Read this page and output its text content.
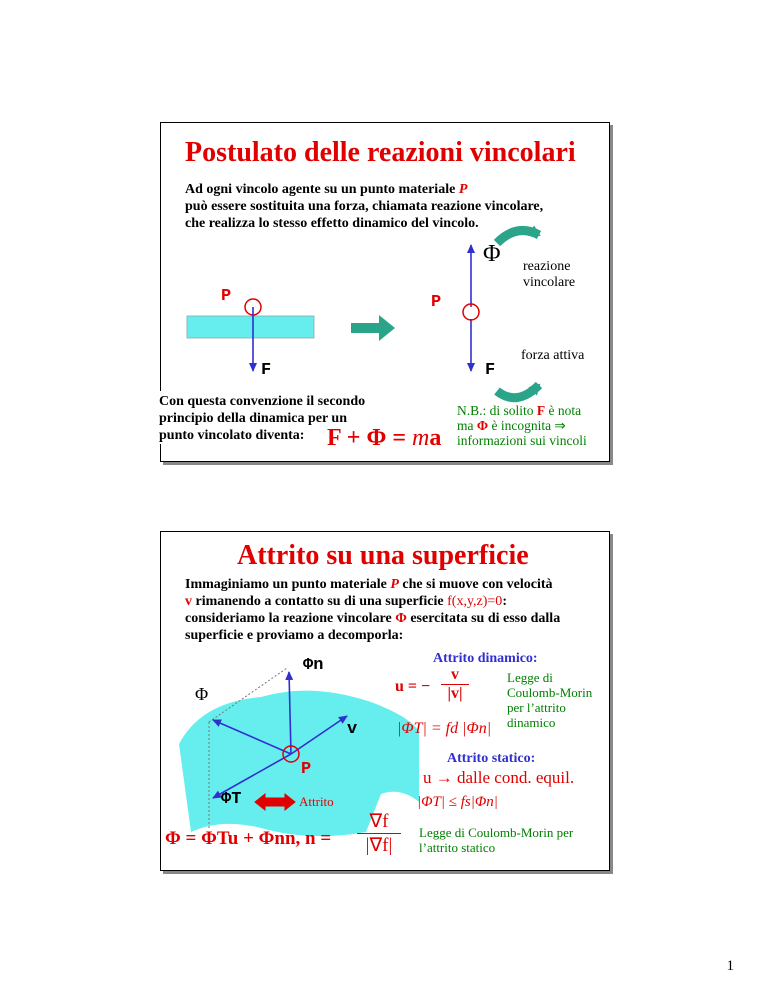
Postulato delle reazioni vincolari
Ad ogni vincolo agente su un punto materiale P
può essere sostituita una forza, chiamata reazione vincolare,
che realizza lo stesso effetto dinamico del vincolo.
P
F
P
F
Φ reazione
vincolare
forza attiva
Con questa convenzione il secondo
principio della dinamica per un
punto vincolato diventa: F + Φ = ma
N.B.: di solito F è nota
ma Φ è incognita ⇒
informazioni sui vincoli
Attrito su una superficie
Immaginiamo un punto materiale P che si muove con velocità
v rimanendo a contatto su di una superficie f(x,y,z)=0:
consideriamo la reazione vincolare Φ esercitata su di esso dalla
superficie e proviamo a decomporla:
Φn
Φ
v
P
ΦT	Attrito
Φ = ΦTu + Φnn, n =
∇f
|∇f|
Attrito dinamico:
u = −
v
|v|
Legge di
Coulomb-Morin
per l’attrito
dinamico
|ΦT| = fd |Φn|
Attrito statico:
u → dalle cond. equil.
|ΦT| ≤ fs|Φn|
Legge di Coulomb-Morin per
l’attrito statico
1
